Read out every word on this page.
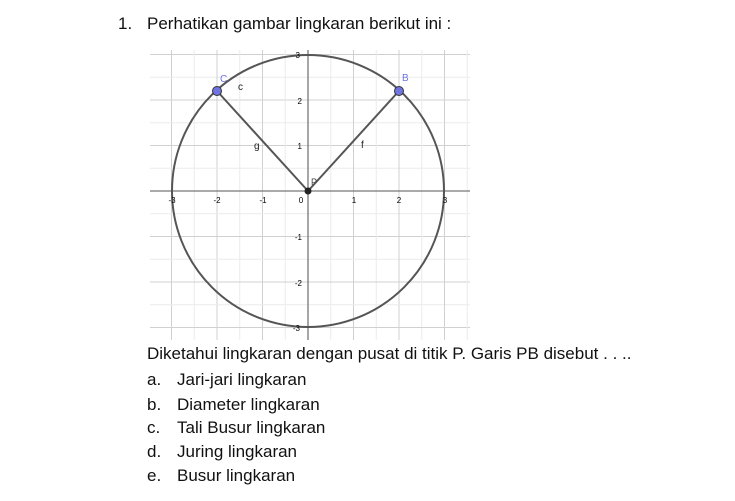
1. Perhatikan gambar lingkaran berikut ini :
-3	-2	-1	0	1	2	3
3
2
1
-1
-2
-3
c
g	f
C	B
P
Diketahui lingkaran dengan pusat di titik P. Garis PB disebut . . ..
a. Jari-jari lingkaran
b. Diameter lingkaran
c. Tali Busur lingkaran
d. Juring lingkaran
e. Busur lingkaran
